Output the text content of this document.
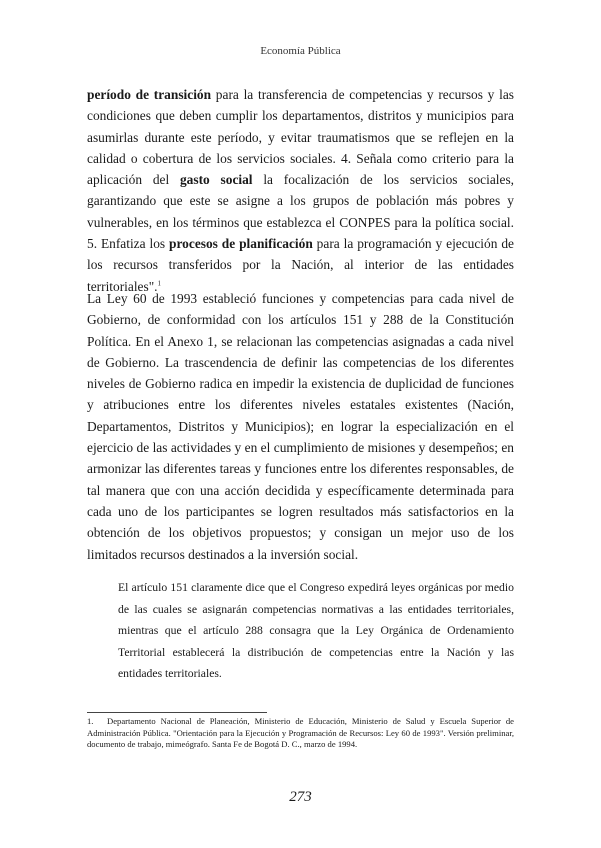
Economía Pública
período de transición para la transferencia de competencias y recursos y las condiciones que deben cumplir los departamentos, distritos y municipios para asumirlas durante este período, y evitar traumatismos que se reflejen en la calidad o cobertura de los servicios sociales. 4. Señala como criterio para la aplicación del gasto social la focalización de los servicios sociales, garantizando que este se asigne a los grupos de población más pobres y vulnerables, en los términos que establezca el CONPES para la política social. 5. Enfatiza los procesos de planificación para la programación y ejecución de los recursos transferidos por la Nación, al interior de las entidades territoriales".$^1$
La Ley 60 de 1993 estableció funciones y competencias para cada nivel de Gobierno, de conformidad con los artículos 151 y 288 de la Constitución Política. En el Anexo 1, se relacionan las competencias asignadas a cada nivel de Gobierno. La trascendencia de definir las competencias de los diferentes niveles de Gobierno radica en impedir la existencia de duplicidad de funciones y atribuciones entre los diferentes niveles estatales existentes (Nación, Departamentos, Distritos y Municipios); en lograr la especialización en el ejercicio de las actividades y en el cumplimiento de misiones y desempeños; en armonizar las diferentes tareas y funciones entre los diferentes responsables, de tal manera que con una acción decidida y específicamente determinada para cada uno de los participantes se logren resultados más satisfactorios en la obtención de los objetivos propuestos; y consigan un mejor uso de los limitados recursos destinados a la inversión social.
El artículo 151 claramente dice que el Congreso expedirá leyes orgánicas por medio de las cuales se asignarán competencias normativas a las entidades territoriales, mientras que el artículo 288 consagra que la Ley Orgánica de Ordenamiento Territorial establecerá la distribución de competencias entre la Nación y las entidades territoriales.
1. Departamento Nacional de Planeación, Ministerio de Educación, Ministerio de Salud y Escuela Superior de Administración Pública. "Orientación para la Ejecución y Programación de Recursos: Ley 60 de 1993". Versión preliminar, documento de trabajo, mimeógrafo. Santa Fe de Bogotá D. C., marzo de 1994.
273
